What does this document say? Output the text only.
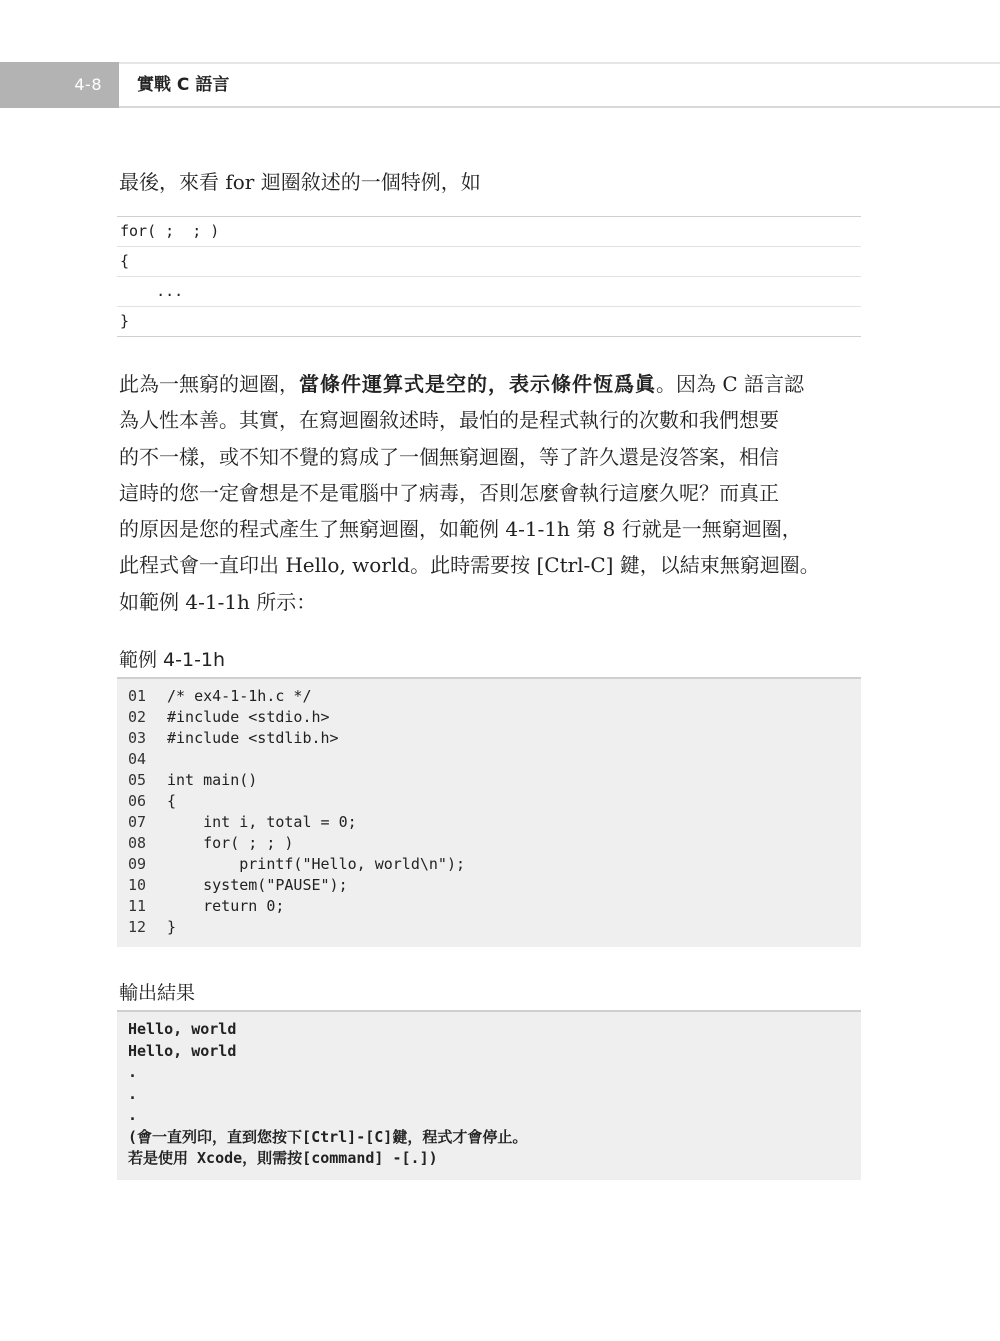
4-8	實戰 C 語言
最後，來看 for 迴圈敘述的一個特例，如
for( ;  ; )
{
...
}
此為一無窮的迴圈，當條件運算式是空的，表示條件恆爲眞。因為 C 語言認
為人性本善。其實，在寫迴圈敘述時，最怕的是程式執行的次數和我們想要
的不一樣，或不知不覺的寫成了一個無窮迴圈，等了許久還是沒答案，相信
這時的您一定會想是不是電腦中了病毒，否則怎麼會執行這麼久呢？而真正
的原因是您的程式產生了無窮迴圈，如範例 4-1-1h 第 8 行就是一無窮迴圈，
此程式會一直印出 Hello, world。此時需要按 [Ctrl-C] 鍵，以結束無窮迴圈。
如範例 4-1-1h 所示：
範例 4-1-1h
01	/* ex4-1-1h.c */
02	#include <stdio.h>
03	#include <stdlib.h>
04
05	int main()
06	{
07	int i, total = 0;
08	for( ; ; )
09	printf("Hello, world\n");
10	system("PAUSE");
11	return 0;
12	}
輸出結果
Hello, world
Hello, world
.
.
.
(會一直列印，直到您按下[Ctrl]-[C]鍵，程式才會停止。
若是使用 Xcode，則需按[command] -[.])
